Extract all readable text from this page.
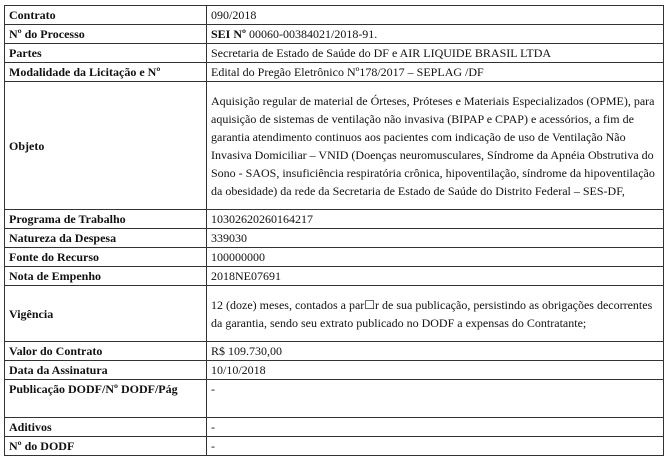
Contrato	090/2018
Nº do Processo	SEI Nº 00060-00384021/2018-91.
Partes	Secretaria de Estado de Saúde do DF e AIR LIQUIDE BRASIL LTDA
Modalidade da Licitação e Nº	Edital do Pregão Eletrônico Nº178/2017 – SEPLAG /DF
Objeto	Aquisição regular de material de Órteses, Próteses e Materiais Especializados (OPME), para aquisição de sistemas de ventilação não invasiva (BIPAP e CPAP) e acessórios, a fim de garantia atendimento continuos aos pacientes com indicação de uso de Ventilação Não Invasiva Domiciliar – VNID (Doenças neuromusculares, Síndrome da Apnéia Obstrutiva do Sono - SAOS, insuficiência respiratória crônica, hipoventilação, síndrome da hipoventilação da obesidade) da rede da Secretaria de Estado de Saúde do Distrito Federal – SES-DF,
Programa de Trabalho	10302620260164217
Natureza da Despesa	339030
Fonte do Recurso	100000000
Nota de Empenho	2018NE07691
Vigência	12 (doze) meses, contados a par☐r de sua publicação, persistindo as obrigações decorrentes da garantia, sendo seu extrato publicado no DODF a expensas do Contratante;
Valor do Contrato	R$ 109.730,00
Data da Assinatura	10/10/2018
Publicação DODF/Nº DODF/Pág	-
Aditivos	-
Nº do DODF	-
